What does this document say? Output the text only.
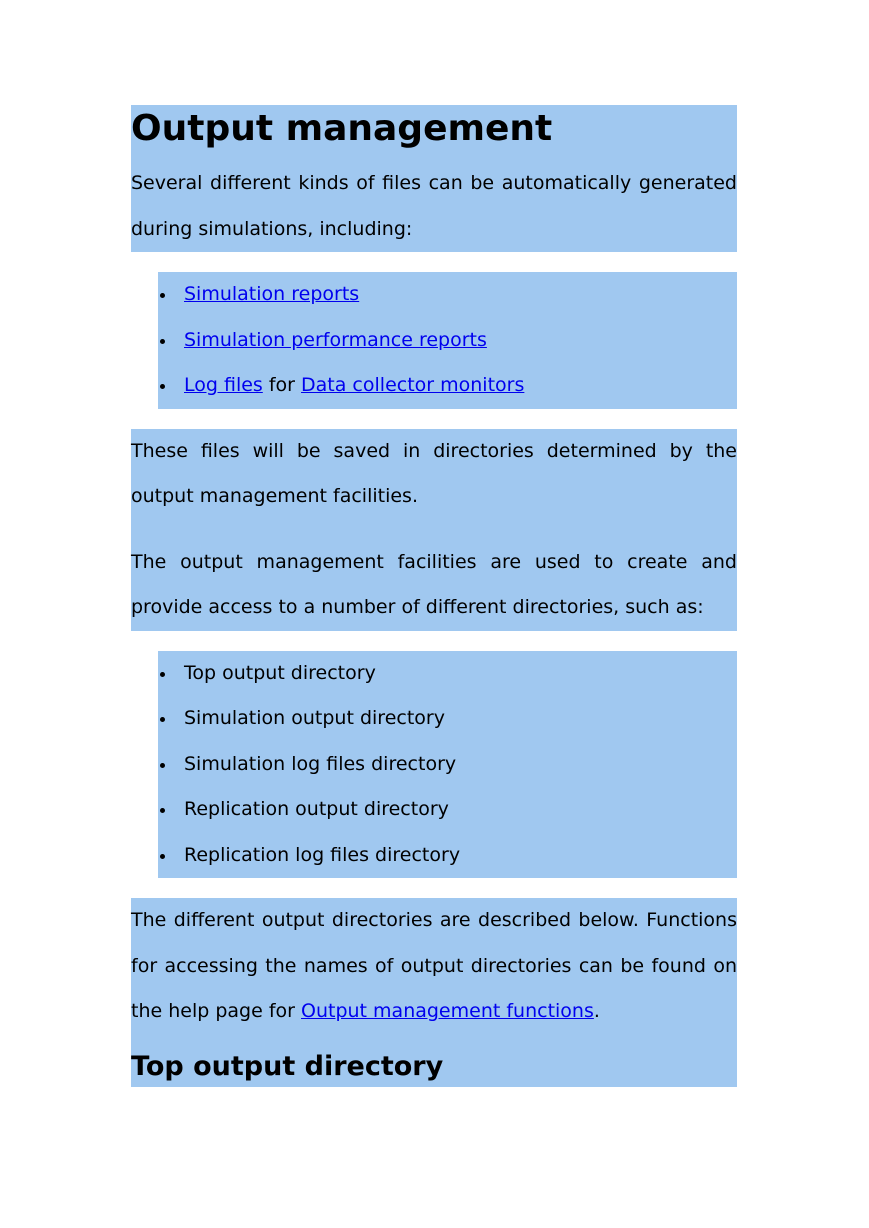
Output management

Several different kinds of files can be automatically generated during simulations, including:

Simulation reports
Simulation performance reports
Log files for Data collector monitors

These files will be saved in directories determined by the output management facilities.

The output management facilities are used to create and provide access to a number of different directories, such as:

Top output directory
Simulation output directory
Simulation log files directory
Replication output directory
Replication log files directory

The different output directories are described below. Functions for accessing the names of output directories can be found on the help page for Output management functions.

Top output directory
